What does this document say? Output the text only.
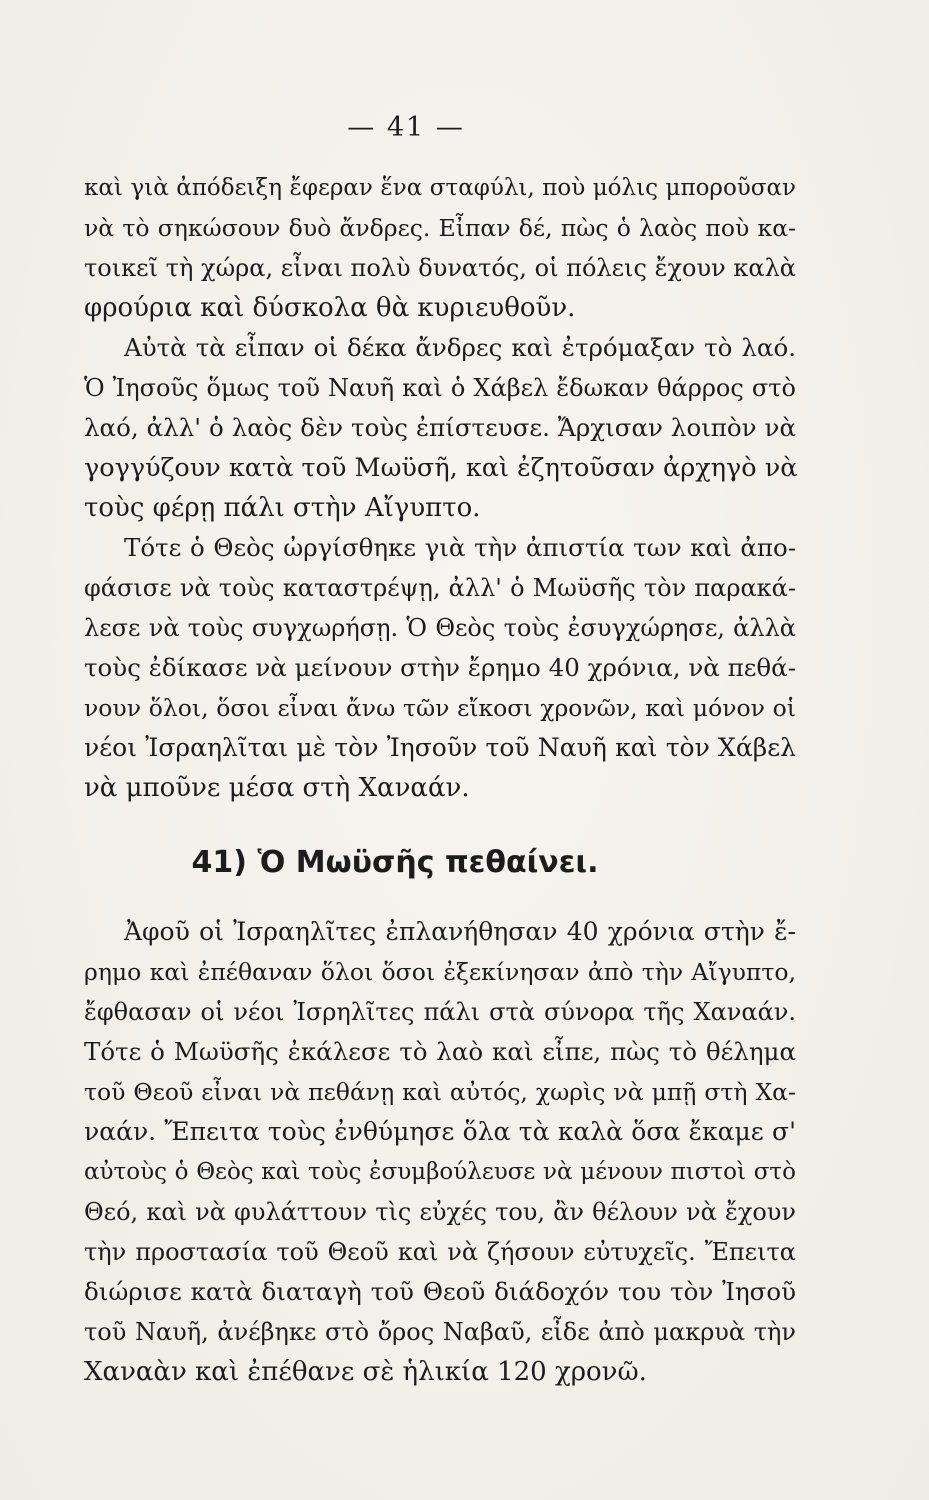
— 41 —
καὶ γιὰ ἀπόδειξη ἔφεραν ἕνα σταφύλι, ποὺ μόλις μποροῦσαν
νὰ τὸ σηκώσουν δυὸ ἄνδρες. Εἶπαν δέ, πὼς ὁ λαὸς ποὺ κα-
τοικεῖ τὴ χώρα, εἶναι πολὺ δυνατός, οἱ πόλεις ἔχουν καλὰ
φρούρια καὶ δύσκολα θὰ κυριευθοῦν.
Αὐτὰ τὰ εἶπαν οἱ δέκα ἄνδρες καὶ ἐτρόμαξαν τὸ λαό.
Ὁ Ἰησοῦς ὅμως τοῦ Ναυῆ καὶ ὁ Χάβελ ἔδωκαν θάρρος στὸ
λαό, ἀλλ' ὁ λαὸς δὲν τοὺς ἐπίστευσε. Ἄρχισαν λοιπὸν νὰ
γογγύζουν κατὰ τοῦ Μωϋσῆ, καὶ ἐζητοῦσαν ἀρχηγὸ νὰ
τοὺς φέρῃ πάλι στὴν Αἴγυπτο.
Τότε ὁ Θεὸς ὠργίσθηκε γιὰ τὴν ἀπιστία των καὶ ἀπο-
φάσισε νὰ τοὺς καταστρέψῃ, ἀλλ' ὁ Μωϋσῆς τὸν παρακά-
λεσε νὰ τοὺς συγχωρήσῃ. Ὁ Θεὸς τοὺς ἐσυγχώρησε, ἀλλὰ
τοὺς ἐδίκασε νὰ μείνουν στὴν ἔρημο 40 χρόνια, νὰ πεθά-
νουν ὅλοι, ὅσοι εἶναι ἄνω τῶν εἴκοσι χρονῶν, καὶ μόνον οἱ
νέοι Ἰσραηλῖται μὲ τὸν Ἰησοῦν τοῦ Ναυῆ καὶ τὸν Χάβελ
νὰ μποῦνε μέσα στὴ Χαναάν.
41) Ὁ Μωϋσῆς πεθαίνει.
Ἀφοῦ οἱ Ἰσραηλῖτες ἐπλανήθησαν 40 χρόνια στὴν ἔ-
ρημο καὶ ἐπέθαναν ὅλοι ὅσοι ἐξεκίνησαν ἀπὸ τὴν Αἴγυπτο,
ἔφθασαν οἱ νέοι Ἰσρηλῖτες πάλι στὰ σύνορα τῆς Χαναάν.
Τότε ὁ Μωϋσῆς ἐκάλεσε τὸ λαὸ καὶ εἶπε, πὼς τὸ θέλημα
τοῦ Θεοῦ εἶναι νὰ πεθάνῃ καὶ αὐτός, χωρὶς νὰ μπῇ στὴ Χα-
ναάν. Ἔπειτα τοὺς ἐνθύμησε ὅλα τὰ καλὰ ὅσα ἔκαμε σ'
αὐτοὺς ὁ Θεὸς καὶ τοὺς ἐσυμβούλευσε νὰ μένουν πιστοὶ στὸ
Θεό, καὶ νὰ φυλάττουν τὶς εὐχές του, ἂν θέλουν νὰ ἔχουν
τὴν προστασία τοῦ Θεοῦ καὶ νὰ ζήσουν εὐτυχεῖς. Ἔπειτα
διώρισε κατὰ διαταγὴ τοῦ Θεοῦ διάδοχόν του τὸν Ἰησοῦ
τοῦ Ναυῆ, ἀνέβηκε στὸ ὄρος Ναβαῦ, εἶδε ἀπὸ μακρυὰ τὴν
Χαναὰν καὶ ἐπέθανε σὲ ἡλικία 120 χρονῶ.
